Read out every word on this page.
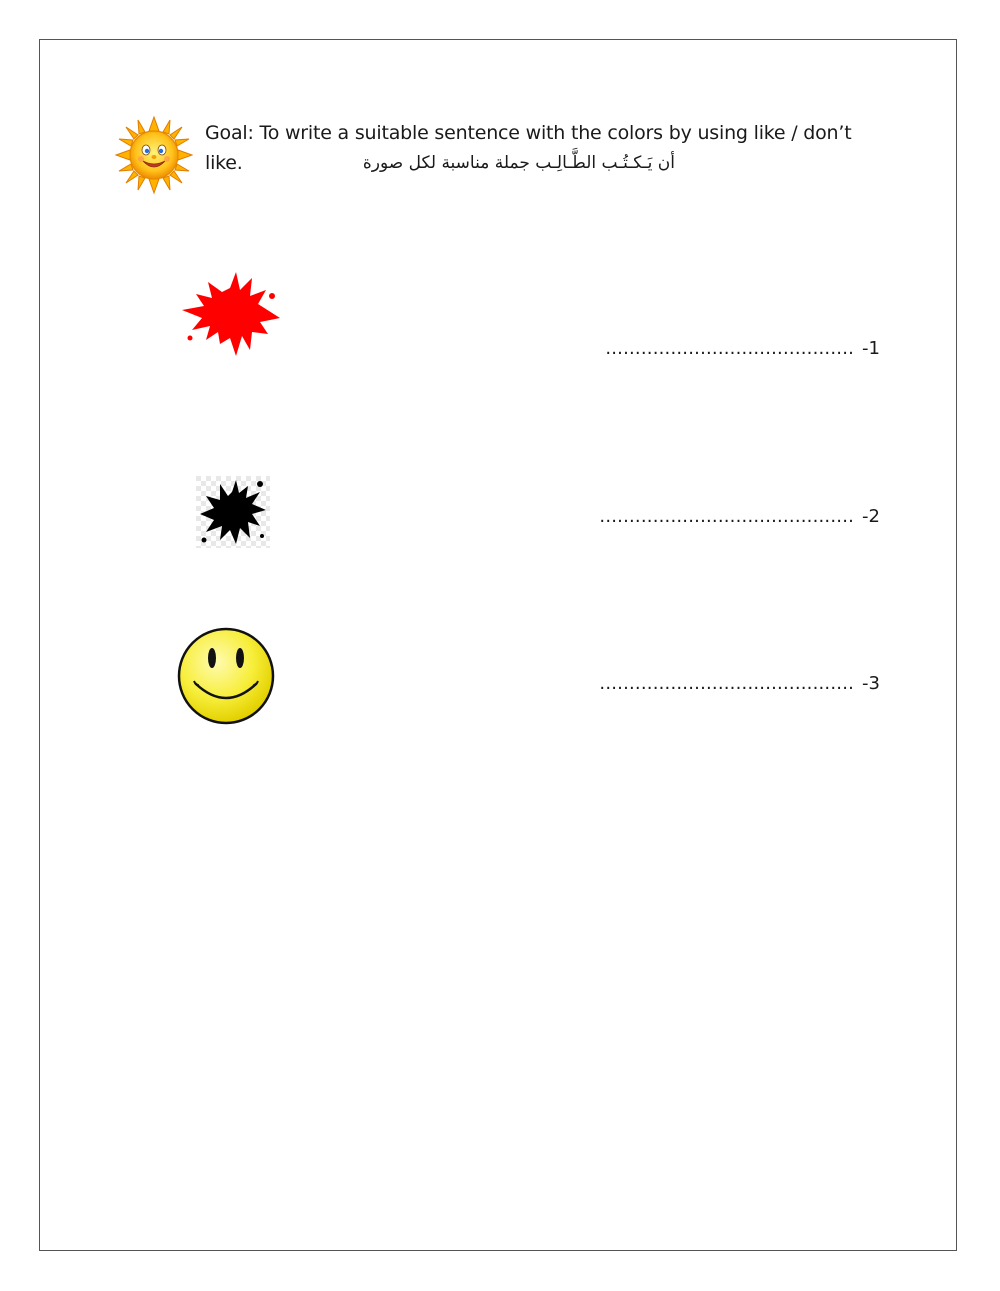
Goal: To write a suitable sentence with the colors by using like / don’t
like.	أن يَـكـتُـب الطَّـالِـب جملة مناسبة لكل صورة
.......................................... -1
........................................... -2
........................................... -3
